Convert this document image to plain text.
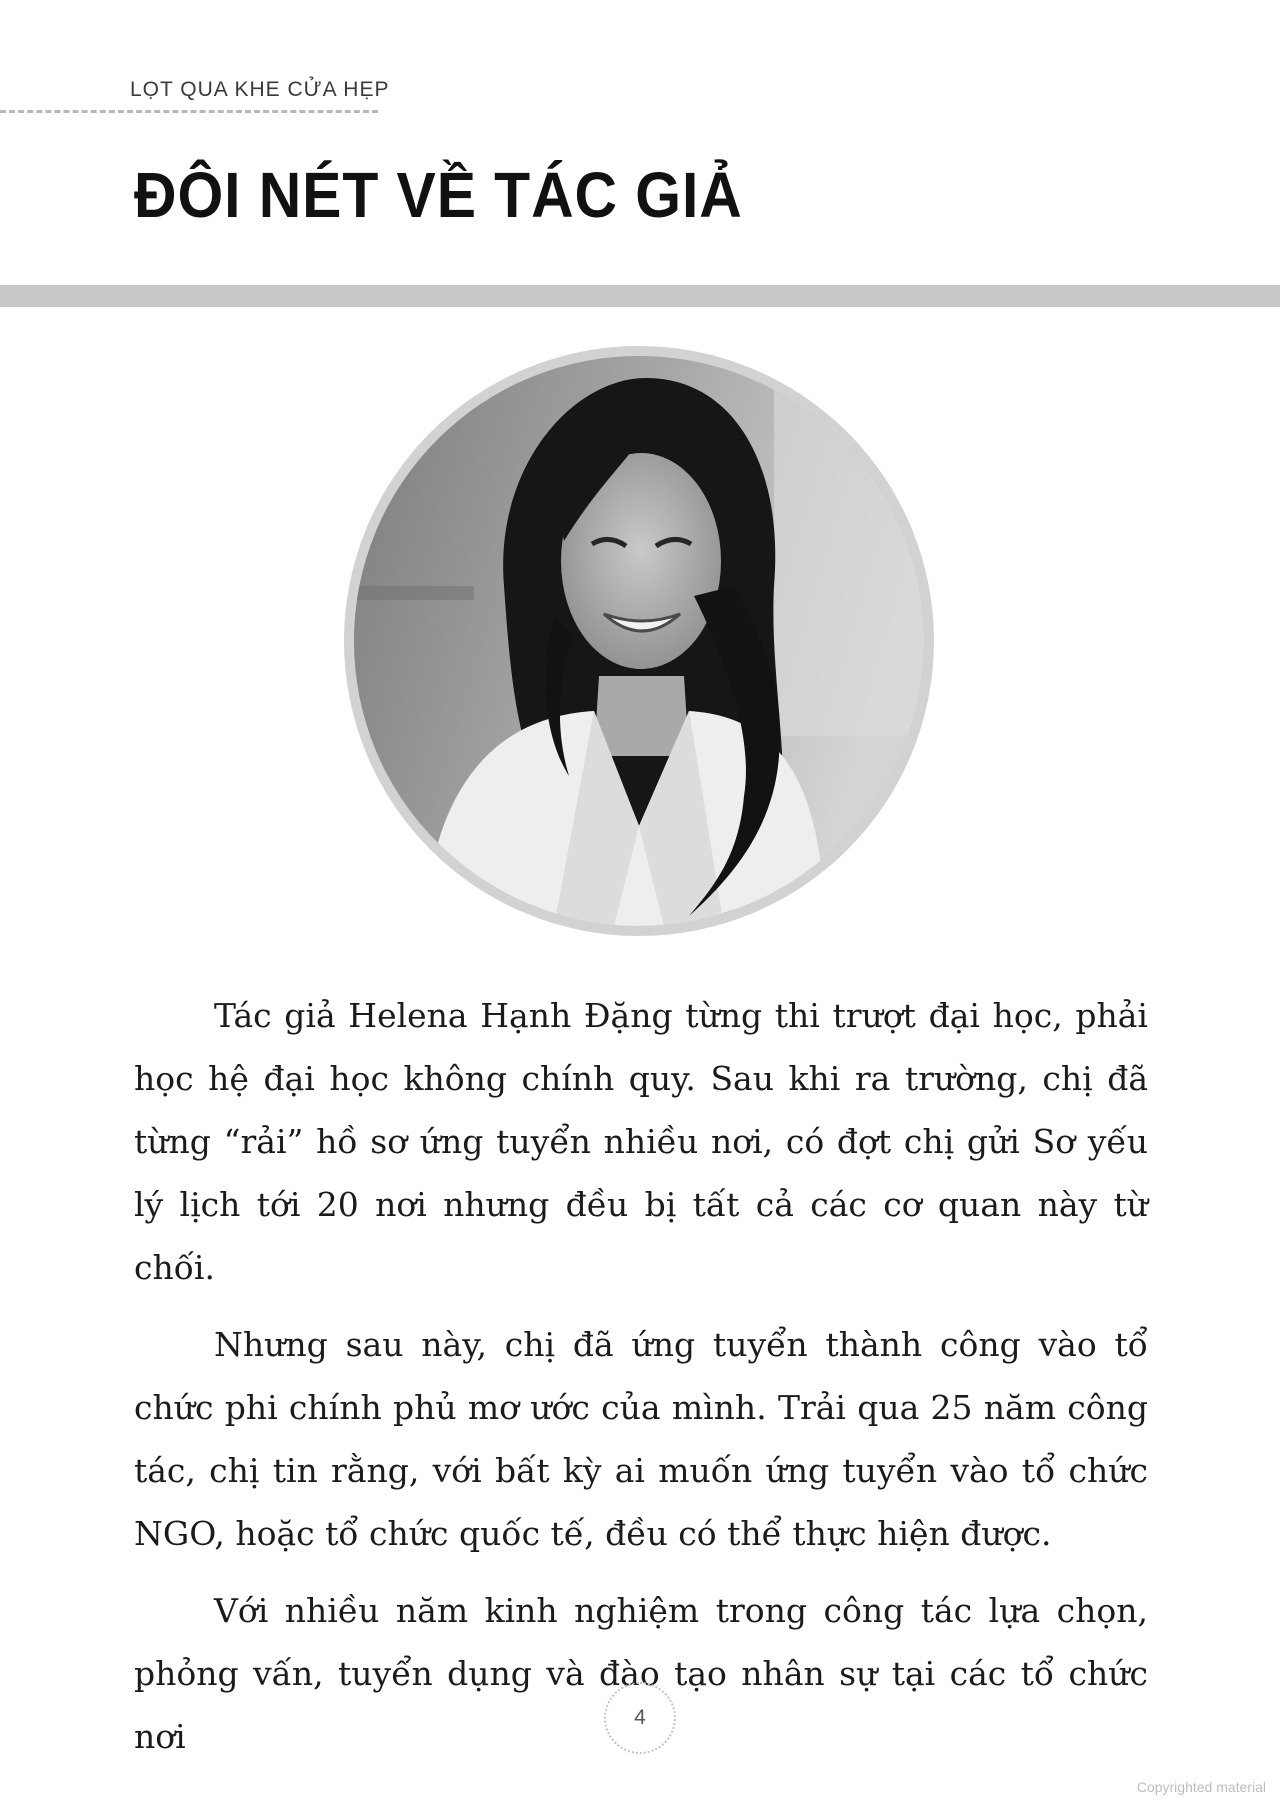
LỌT QUA KHE CỬA HẸP
ĐÔI NÉT VỀ TÁC GIẢ

Tác giả Helena Hạnh Đặng từng thi trượt đại học, phải học hệ đại học không chính quy. Sau khi ra trường, chị đã từng “rải” hồ sơ ứng tuyển nhiều nơi, có đợt chị gửi Sơ yếu lý lịch tới 20 nơi nhưng đều bị tất cả các cơ quan này từ chối.

Nhưng sau này, chị đã ứng tuyển thành công vào tổ chức phi chính phủ mơ ước của mình. Trải qua 25 năm công tác, chị tin rằng, với bất kỳ ai muốn ứng tuyển vào tổ chức NGO, hoặc tổ chức quốc tế, đều có thể thực hiện được.

Với nhiều năm kinh nghiệm trong công tác lựa chọn, phỏng vấn, tuyển dụng và đào tạo nhân sự tại các tổ chức nơi	4
Copyrighted material
